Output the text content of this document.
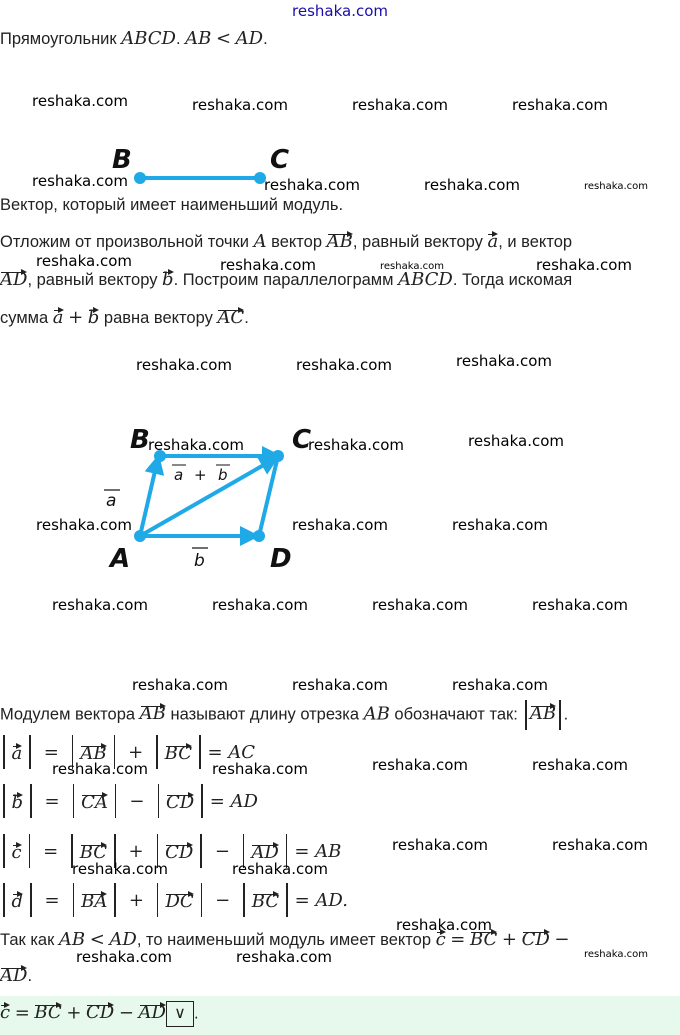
reshaka.com
Прямоугольник ABCD. AB < AD.
B	C
Вектор, который имеет наименьший модуль.
Отложим от произвольной точки A вектор AB, равный вектору a, и вектор
AD, равный вектору b. Построим параллелограмм ABCD. Тогда искомая
сумма a + b равна вектору AC.
A
B	C
D
a
b
a + b
Модулем вектора AB называют длину отрезка AB обозначают так: AB .
a = AB + BC = AC
b = CA − CD = AD
c = BC + CD − AD = AB
d = BA + DC − BC = AD.
Так как AB < AD, то наименьший модуль имеет вектор c = BC + CD −
AD.
c = BC + CD − AD ∨ .
reshaka.com	reshaka.com	reshaka.com	reshaka.com
reshaka.com	reshaka.com	reshaka.com	reshaka.com
reshaka.com	reshaka.com	reshaka.com	reshaka.com
reshaka.com	reshaka.com	reshaka.com
reshaka.com	reshaka.com	reshaka.com
reshaka.com	reshaka.com	reshaka.com
reshaka.com	reshaka.com	reshaka.com	reshaka.com
reshaka.com	reshaka.com	reshaka.com
reshaka.com	reshaka.com	reshaka.com	reshaka.com
reshaka.com	reshaka.com
reshaka.com	reshaka.com
reshaka.com
reshaka.com	reshaka.com	reshaka.com
